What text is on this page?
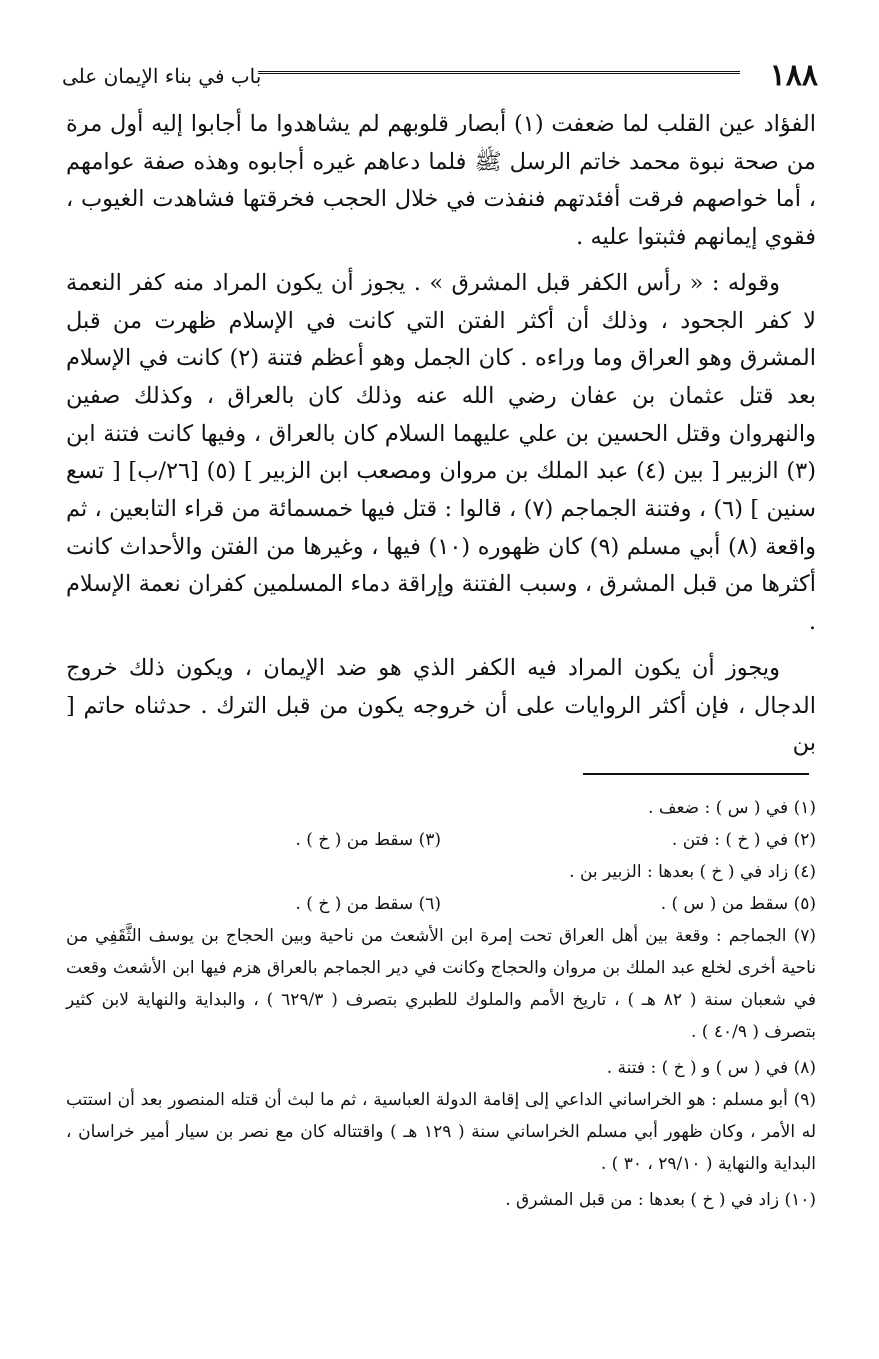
١٨٨
باب في بناء الإيمان على

الفؤاد عين القلب لما ضعفت (١) أبصار قلوبهم لم يشاهدوا ما أجابوا إليه أول مرة من صحة نبوة محمد خاتم الرسل ﷺ فلما دعاهم غيره أجابوه وهذه صفة عوامهم ، أما خواصهم فرقت أفئدتهم فنفذت في خلال الحجب فخرقتها فشاهدت الغيوب ، فقوي إيمانهم فثبتوا عليه .

وقوله : « رأس الكفر قبل المشرق » . يجوز أن يكون المراد منه كفر النعمة لا كفر الجحود ، وذلك أن أكثر الفتن التي كانت في الإسلام ظهرت من قبل المشرق وهو العراق وما وراءه . كان الجمل وهو أعظم فتنة (٢) كانت في الإسلام بعد قتل عثمان بن عفان رضي الله عنه وذلك كان بالعراق ، وكذلك صفين والنهروان وقتل الحسين بن علي عليهما السلام كان بالعراق ، وفيها كانت فتنة ابن (٣) الزبير [ بين (٤) عبد الملك بن مروان ومصعب ابن الزبير ] (٥) [٢٦/ب] [ تسع سنين ] (٦) ، وفتنة الجماجم (٧) ، قالوا : قتل فيها خمسمائة من قراء التابعين ، ثم واقعة (٨) أبي مسلم (٩) كان ظهوره (١٠) فيها ، وغيرها من الفتن والأحداث كانت أكثرها من قبل المشرق ، وسبب الفتنة وإراقة دماء المسلمين كفران نعمة الإسلام .

ويجوز أن يكون المراد فيه الكفر الذي هو ضد الإيمان ، ويكون ذلك خروج الدجال ، فإن أكثر الروايات على أن خروجه يكون من قبل الترك . حدثناه حاتم [ بن

(١) في ( س ) : ضعف .

(٢) في ( خ ) : فتن .

(٣) سقط من ( خ ) .

(٤) زاد في ( خ ) بعدها : الزبير بن .

(٥) سقط من ( س ) .

(٦) سقط من ( خ ) .

(٧) الجماجم : وقعة بين أهل العراق تحت إمرة ابن الأشعث من ناحية وبين الحجاج بن يوسف الثَّقَفِي من ناحية أخرى لخلع عبد الملك بن مروان والحجاج وكانت في دير الجماجم بالعراق هزم فيها ابن الأشعث وقعت في شعبان سنة ( ٨٢ هـ ) ، تاريخ الأمم والملوك للطبري بتصرف ( ٦٢٩/٣ ) ، والبداية والنهاية لابن كثير بتصرف ( ٤٠/٩ ) .

(٨) في ( س ) و ( خ ) : فتنة .

(٩) أبو مسلم : هو الخراساني الداعي إلى إقامة الدولة العباسية ، ثم ما لبث أن قتله المنصور بعد أن استتب له الأمر ، وكان ظهور أبي مسلم الخراساني سنة ( ١٢٩ هـ ) واقتتاله كان مع نصر بن سيار أمير خراسان ، البداية والنهاية ( ٢٩/١٠ ، ٣٠ ) .

(١٠) زاد في ( خ ) بعدها : من قبل المشرق .
